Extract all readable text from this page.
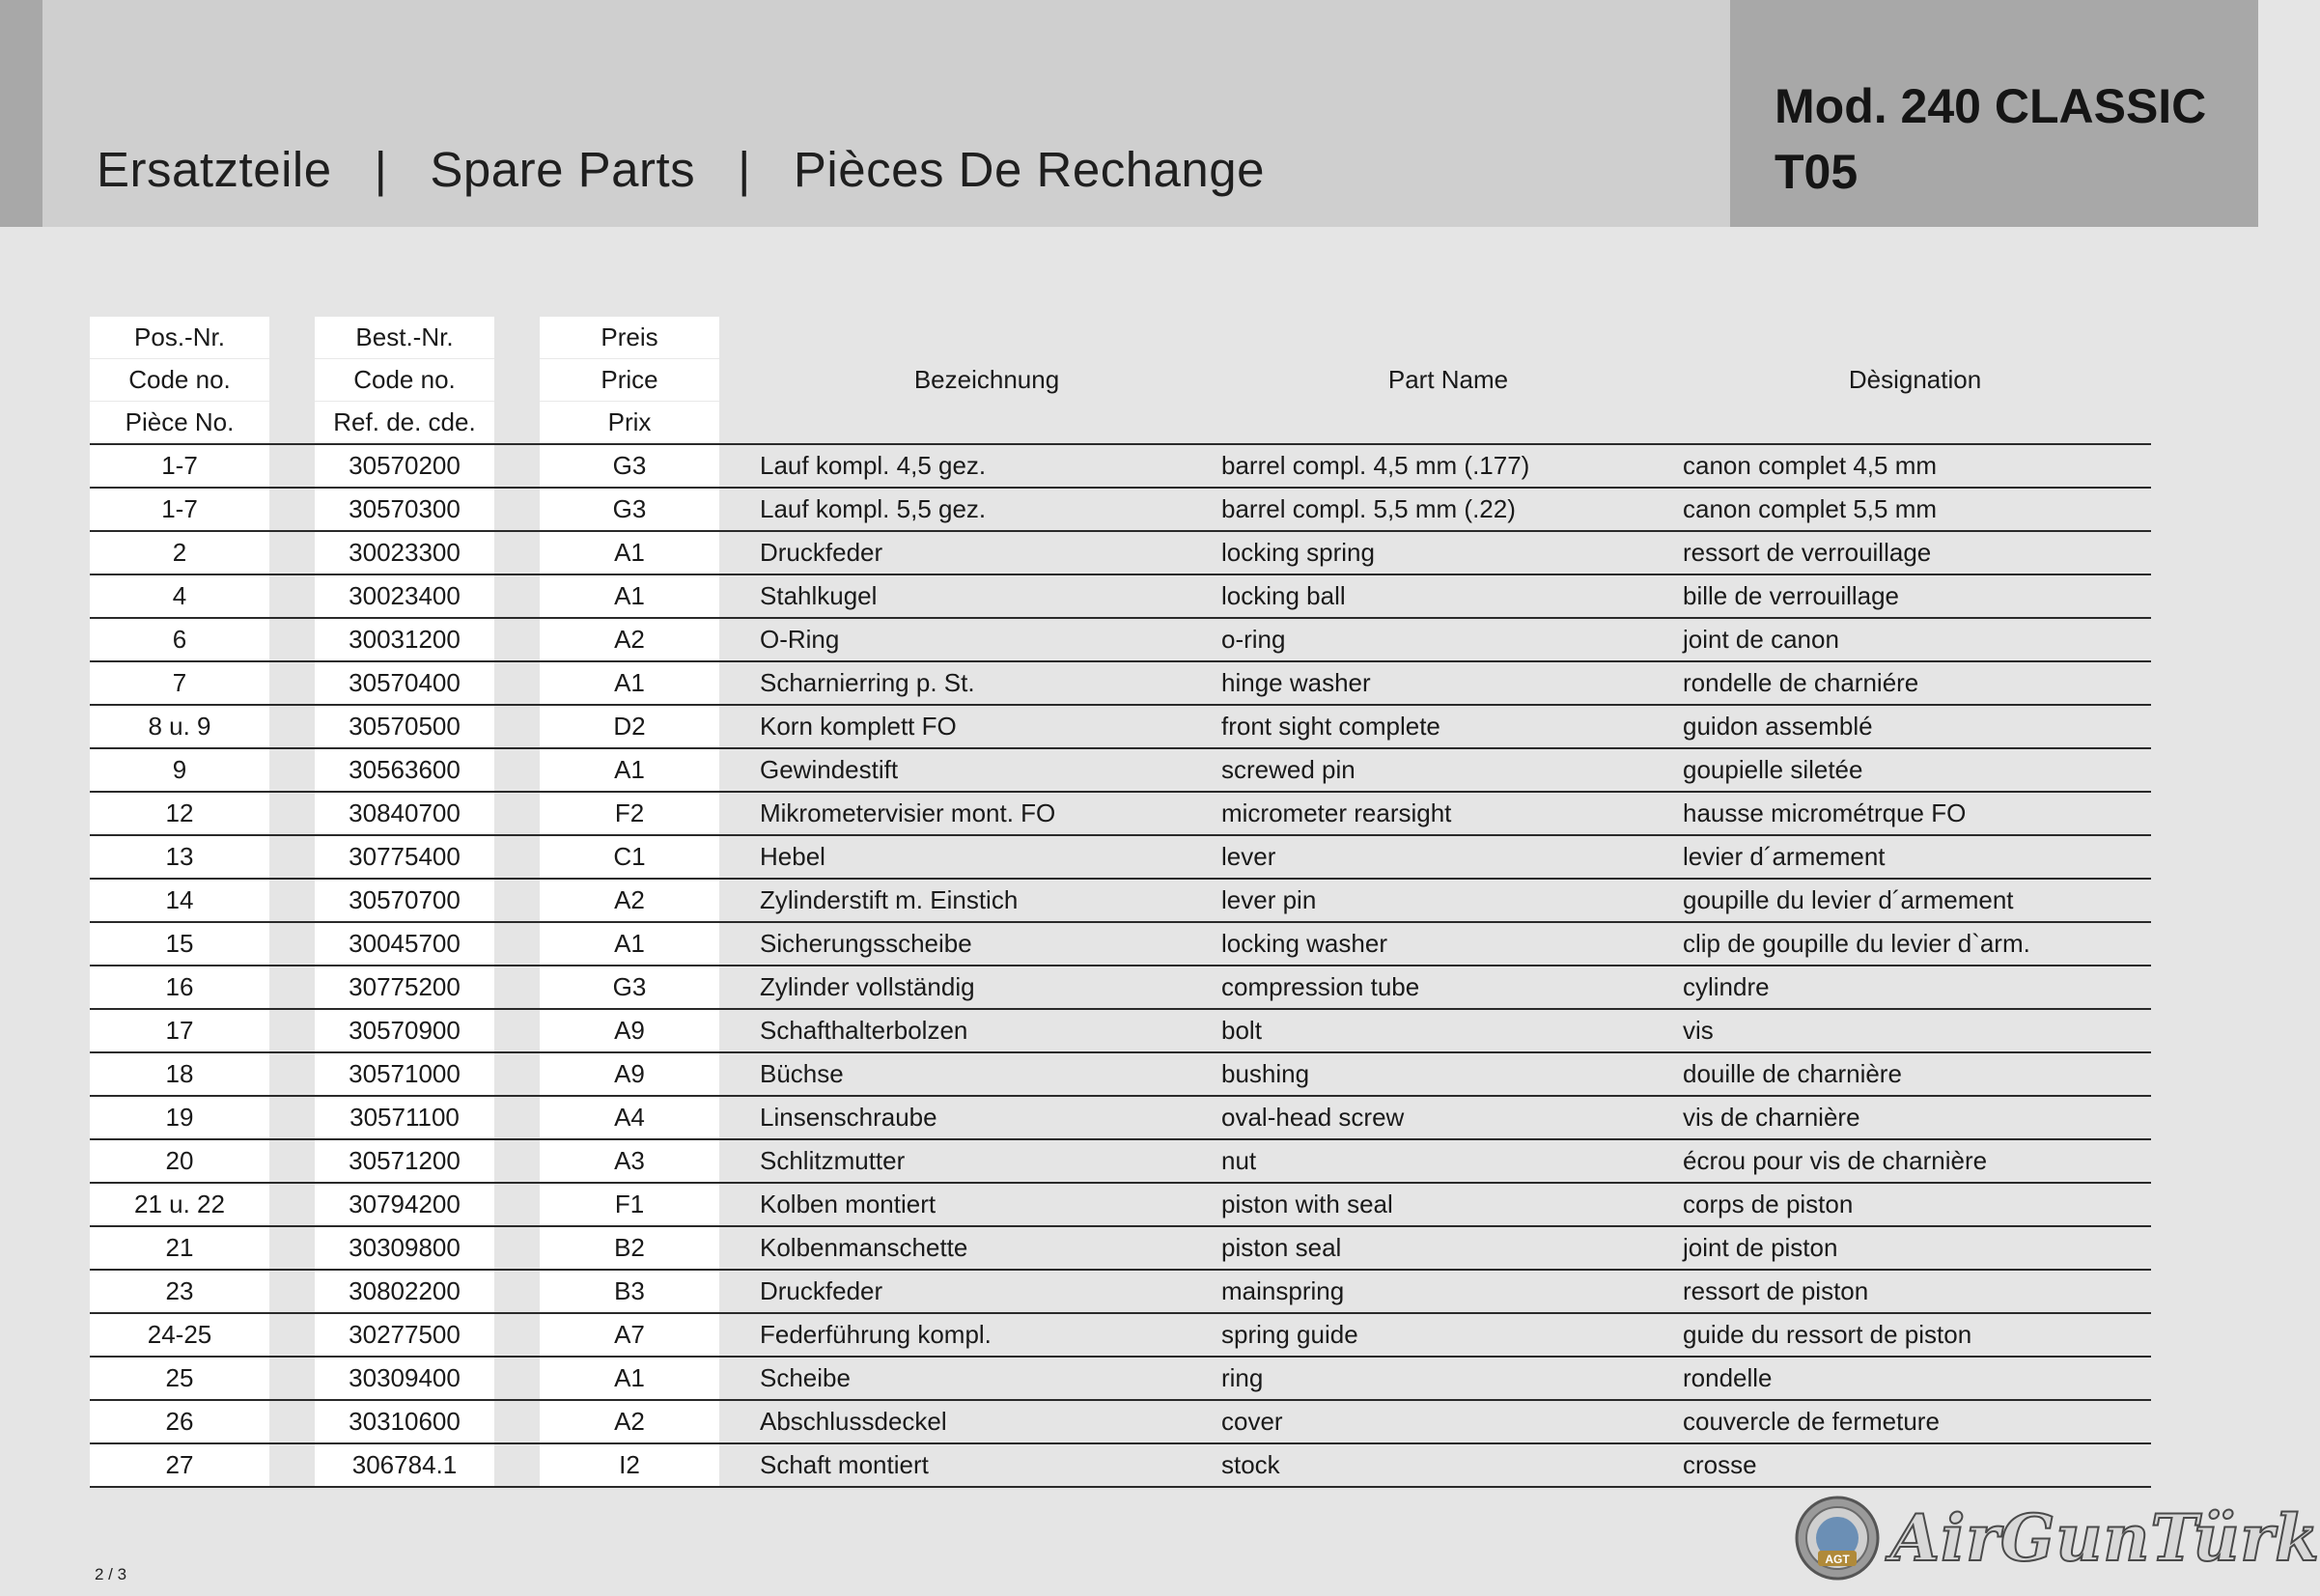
Ersatzteile | Spare Parts | Pièces De Rechange
Mod. 240 CLASSIC
T05
Pos.-Nr.		Best.-Nr.		Preis		Bezeichnung	Part Name	Dèsignation
Code no.		Code no.		Price				
Pièce No.		Ref. de. cde.		Prix				
1-7		30570200		G3		Lauf kompl. 4,5 gez.	barrel compl. 4,5 mm (.177)	canon complet 4,5 mm
1-7		30570300		G3		Lauf kompl. 5,5 gez.	barrel compl. 5,5 mm (.22)	canon complet 5,5 mm
2		30023300		A1		Druckfeder	locking spring	ressort de verrouillage
4		30023400		A1		Stahlkugel	locking ball	bille de verrouillage
6		30031200		A2		O-Ring	o-ring	joint de canon
7		30570400		A1		Scharnierring p. St.	hinge washer	rondelle de charniére
8 u. 9		30570500		D2		Korn komplett FO	front sight complete	guidon assemblé
9		30563600		A1		Gewindestift	screwed pin	goupielle siletée
12		30840700		F2		Mikrometervisier mont. FO	micrometer rearsight	hausse micrométrque FO
13		30775400		C1		Hebel	lever	levier d´armement
14		30570700		A2		Zylinderstift m. Einstich	lever pin	goupille du levier d´armement
15		30045700		A1		Sicherungsscheibe	locking washer	clip de goupille du levier d`arm.
16		30775200		G3		Zylinder vollständig	compression tube	cylindre
17		30570900		A9		Schafthalterbolzen	bolt	vis
18		30571000		A9		Büchse	bushing	douille de charnière
19		30571100		A4		Linsenschraube	oval-head screw	vis de charnière
20		30571200		A3		Schlitzmutter	nut	écrou pour vis de charnière
21 u. 22		30794200		F1		Kolben montiert	piston with seal	corps de piston
21		30309800		B2		Kolbenmanschette	piston seal	joint de piston
23		30802200		B3		Druckfeder	mainspring	ressort de piston
24-25		30277500		A7		Federführung kompl.	spring guide	guide du ressort de piston
25		30309400		A1		Scheibe	ring	rondelle
26		30310600		A2		Abschlussdeckel	cover	couvercle de fermeture
27		306784.1		I2		Schaft montiert	stock	crosse
2 / 3
AGT AirGunTürk
